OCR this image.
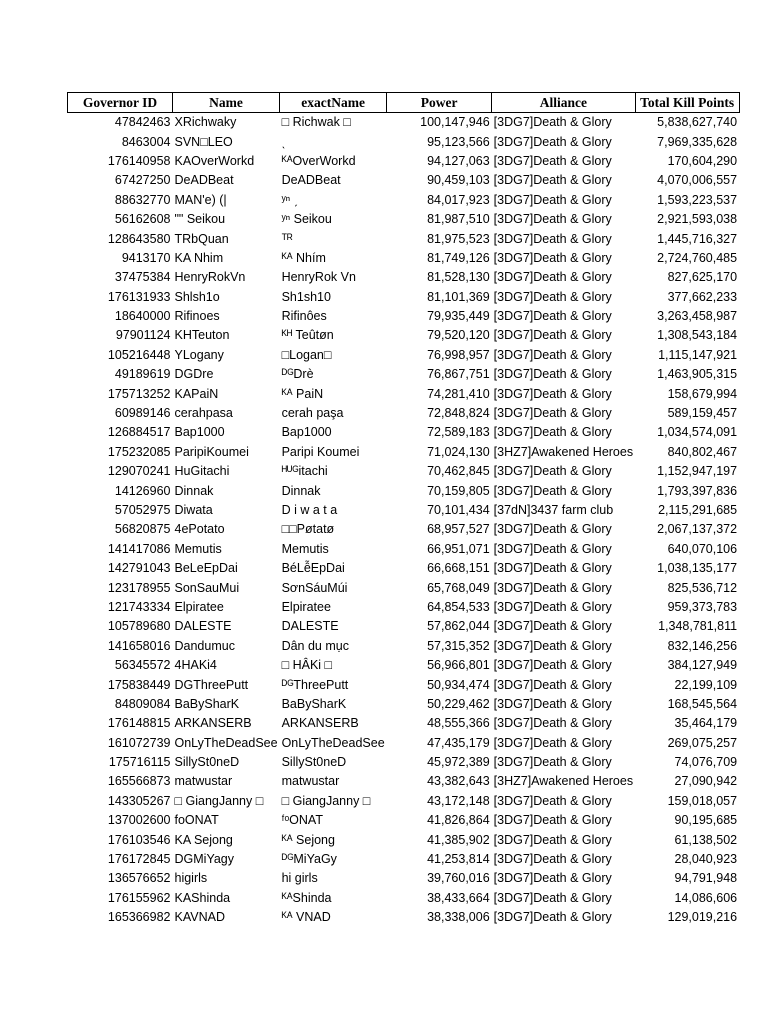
Governor ID	Name	exactName	Power	Alliance	Total Kill Points
47842463	XRichwaky	□ Richwak □	100,147,946	[3DG7]Death & Glory	5,838,627,740
8463004	SVN□LEO	ˎ	95,123,566	[3DG7]Death & Glory	7,969,335,628
176140958	KAOverWorkd	ᴷᴬOverWorkd	94,127,063	[3DG7]Death & Glory	170,604,290
67427250	DeADBeat	DeADBeat	90,459,103	[3DG7]Death & Glory	4,070,006,557
88632770	MAN'e) (|	ʸⁿ ˏ	84,017,923	[3DG7]Death & Glory	1,593,223,537
56162608	"" Seikou	ʸⁿ Seikou	81,987,510	[3DG7]Death & Glory	2,921,593,038
128643580	TRbQuan	ᵀᴿ	81,975,523	[3DG7]Death & Glory	1,445,716,327
9413170	KA Nhim	ᴷᴬ Nhím	81,749,126	[3DG7]Death & Glory	2,724,760,485
37475384	HenryRokVn	HenryRok Vn	81,528,130	[3DG7]Death & Glory	827,625,170
176131933	Shlsh1o	Sh1sh10	81,101,369	[3DG7]Death & Glory	377,662,233
18640000	Rifinoes	Rifinôes	79,935,449	[3DG7]Death & Glory	3,263,458,987
97901124	KHTeuton	ᴷᴴ Teûtøn	79,520,120	[3DG7]Death & Glory	1,308,543,184
105216448	YLogany	□Logan□	76,998,957	[3DG7]Death & Glory	1,115,147,921
49189619	DGDre	ᴰᴳDrè	76,867,751	[3DG7]Death & Glory	1,463,905,315
175713252	KAPaiN	ᴷᴬ PaiN	74,281,410	[3DG7]Death & Glory	158,679,994
60989146	cerahpasa	cerah paşa	72,848,824	[3DG7]Death & Glory	589,159,457
126884517	Bap1000	Bap1000	72,589,183	[3DG7]Death & Glory	1,034,574,091
175232085	ParipiKoumei	Paripi Koumei	71,024,130	[3HZ7]Awakened Heroes	840,802,467
129070241	HuGitachi	ᴴᵁᴳitachi	70,462,845	[3DG7]Death & Glory	1,152,947,197
14126960	Dinnak	Dinnak	70,159,805	[3DG7]Death & Glory	1,793,397,836
57052975	Diwata	D i w a t a	70,101,434	[37dN]3437 farm club	2,115,291,685
56820875	4ePotato	□□Pøtatø	68,957,527	[3DG7]Death & Glory	2,067,137,372
141417086	Memutis	Memutis	66,951,071	[3DG7]Death & Glory	640,070,106
142791043	BeLeEpDai	BéLễEpDai	66,668,151	[3DG7]Death & Glory	1,038,135,177
123178955	SonSauMui	SơnSáuMúi	65,768,049	[3DG7]Death & Glory	825,536,712
121743334	Elpiratee	Elpiratee	64,854,533	[3DG7]Death & Glory	959,373,783
105789680	DALESTE	DALESTE	57,862,044	[3DG7]Death & Glory	1,348,781,811
141658016	Dandumuc	Dân du mục	57,315,352	[3DG7]Death & Glory	832,146,256
56345572	4HAKi4	□ HÂKi □	56,966,801	[3DG7]Death & Glory	384,127,949
175838449	DGThreePutt	ᴰᴳThreePutt	50,934,474	[3DG7]Death & Glory	22,199,109
84809084	BaBySharK	BaBySharK	50,229,462	[3DG7]Death & Glory	168,545,564
176148815	ARKANSERB	ARKANSERB	48,555,366	[3DG7]Death & Glory	35,464,179
161072739	OnLyTheDeadSee	OnLyTheDeadSee	47,435,179	[3DG7]Death & Glory	269,075,257
175716115	SillySt0neD	SillySt0neD	45,972,389	[3DG7]Death & Glory	74,076,709
165566873	matwustar	matwustar	43,382,643	[3HZ7]Awakened Heroes	27,090,942
143305267	□ GiangJanny □	□ GiangJanny □	43,172,148	[3DG7]Death & Glory	159,018,057
137002600	foONAT	ᶠᵒONAT	41,826,864	[3DG7]Death & Glory	90,195,685
176103546	KA Sejong	ᴷᴬ Sejong	41,385,902	[3DG7]Death & Glory	61,138,502
176172845	DGMiYagy	ᴰᴳMiYaGy	41,253,814	[3DG7]Death & Glory	28,040,923
136576652	higirls	hi girls	39,760,016	[3DG7]Death & Glory	94,791,948
176155962	KAShinda	ᴷᴬShinda	38,433,664	[3DG7]Death & Glory	14,086,606
165366982	KAVNAD	ᴷᴬ VNAD	38,338,006	[3DG7]Death & Glory	129,019,216
